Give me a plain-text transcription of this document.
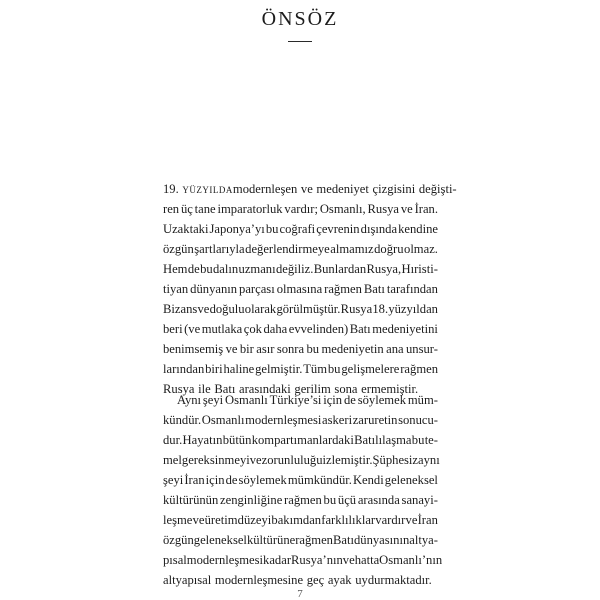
ÖNSÖZ
19. yüzyılda modernleşen ve medeniyet çizgisini değişti-
ren üç tane imparatorluk vardır; Osmanlı, Rusya ve İran.
Uzaktaki Japonya’yı bu coğrafi çevrenin dışında kendine
özgün şartlarıyla değerlendirmeye almamız doğru olmaz.
Hem de bu dalın uzmanı değiliz. Bunlardan Rusya, Hıristi-
tiyan dünyanın parçası olmasına rağmen Batı tarafından
Bizans ve doğulu olarak görülmüştür. Rusya 18. yüzyıldan
beri (ve mutlaka çok daha evvelinden) Batı medeniyetini
benimsemiş ve bir asır sonra bu medeniyetin ana unsur-
larından biri haline gelmiştir. Tüm bu gelişmelere rağmen
Rusya ile Batı arasındaki gerilim sona ermemiştir.
Aynı şeyi Osmanlı Türkiye’si için de söylemek müm-
kündür. Osmanlı modernleşmesi askeri zaruretin sonucu-
dur. Hayatın bütün kompartımanlardaki Batılılaşma bu te-
mel gereksinmeyi ve zorunluluğu izlemiştir. Şüphesiz aynı
şeyi İran için de söylemek mümkündür. Kendi geleneksel
kültürünün zenginliğine rağmen bu üçü arasında sanayi-
leşme ve üretim düzeyi bakımdan farklılıklar vardır ve İran
özgün geleneksel kültürüne rağmen Batı dünyasının altya-
pısal modernleşmesi kadar Rusya’nın ve hatta Osmanlı’nın
altyapısal modernleşmesine geç ayak uydurmaktadır.
7
